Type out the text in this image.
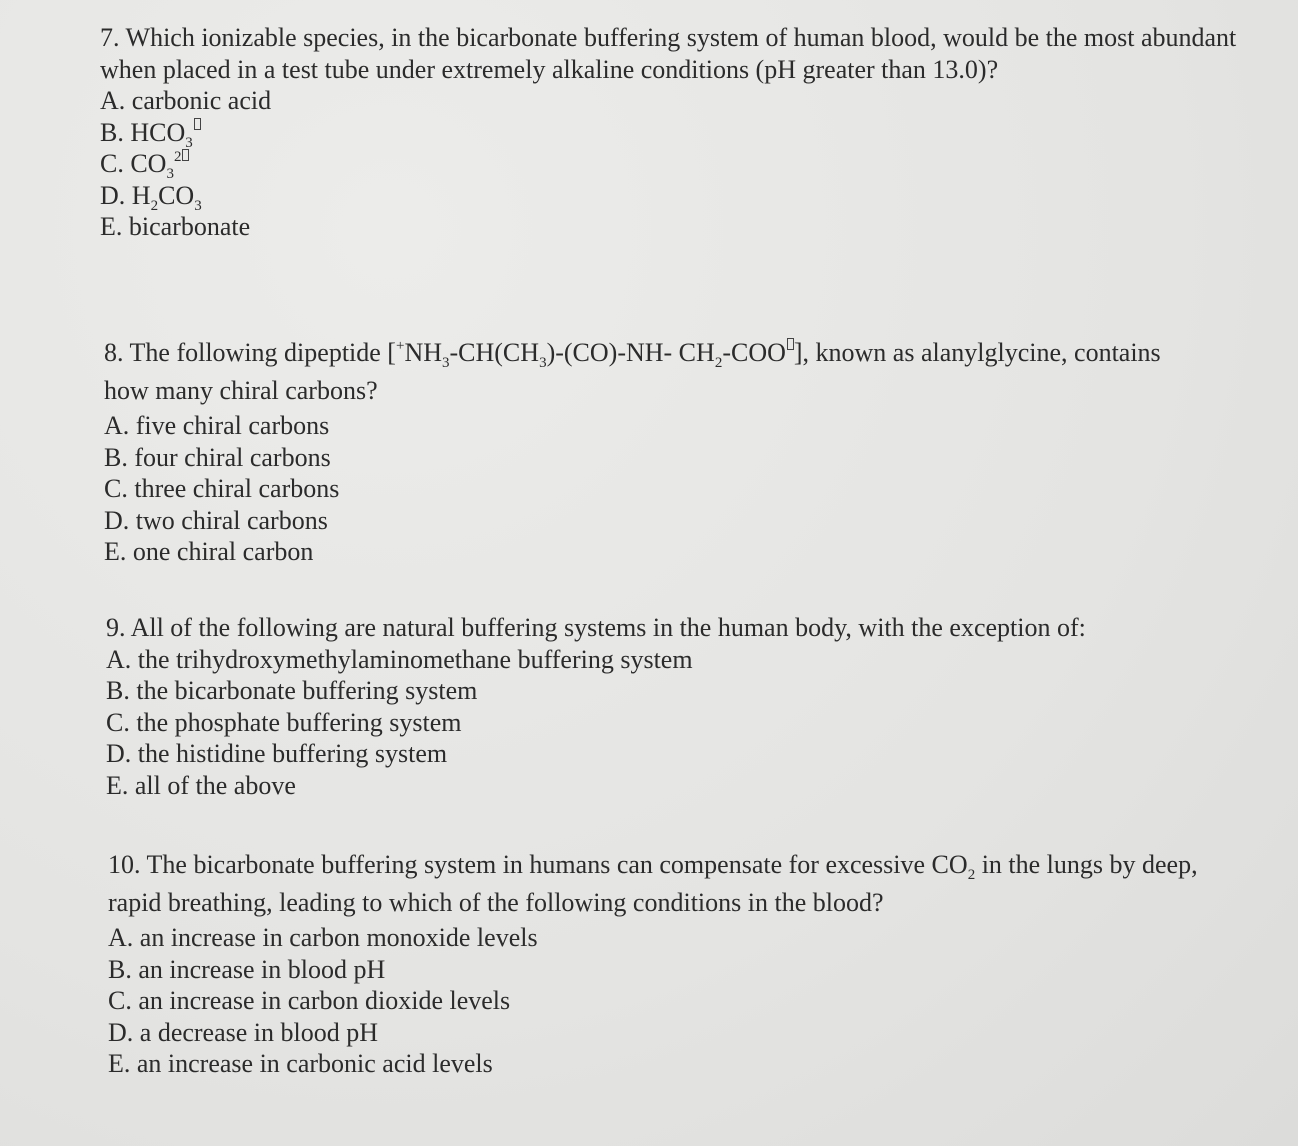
7. Which ionizable species, in the bicarbonate buffering system of human blood, would be the most abundant when placed in a test tube under extremely alkaline conditions (pH greater than 13.0)?

A. carbonic acid

B. $HCO_3$

C. $CO_3^2$

D. $H_2CO_3$

E. bicarbonate

8. The following dipeptide [$^+NH_3-CH(CH_3)-(CO)-NH-$ $CH_2$-COO ], known as alanylglycine, contains how many chiral carbons?

A. five chiral carbons

B. four chiral carbons

C. three chiral carbons

D. two chiral carbons

E. one chiral carbon

9. All of the following are natural buffering systems in the human body, with the exception of:

A. the trihydroxymethylaminomethane buffering system

B. the bicarbonate buffering system

C. the phosphate buffering system

D. the histidine buffering system

E. all of the above

10. The bicarbonate buffering system in humans can compensate for excessive $CO_2$ in the lungs by deep, rapid breathing, leading to which of the following conditions in the blood?

A. an increase in carbon monoxide levels

B. an increase in blood pH

C. an increase in carbon dioxide levels

D. a decrease in blood pH

E. an increase in carbonic acid levels
